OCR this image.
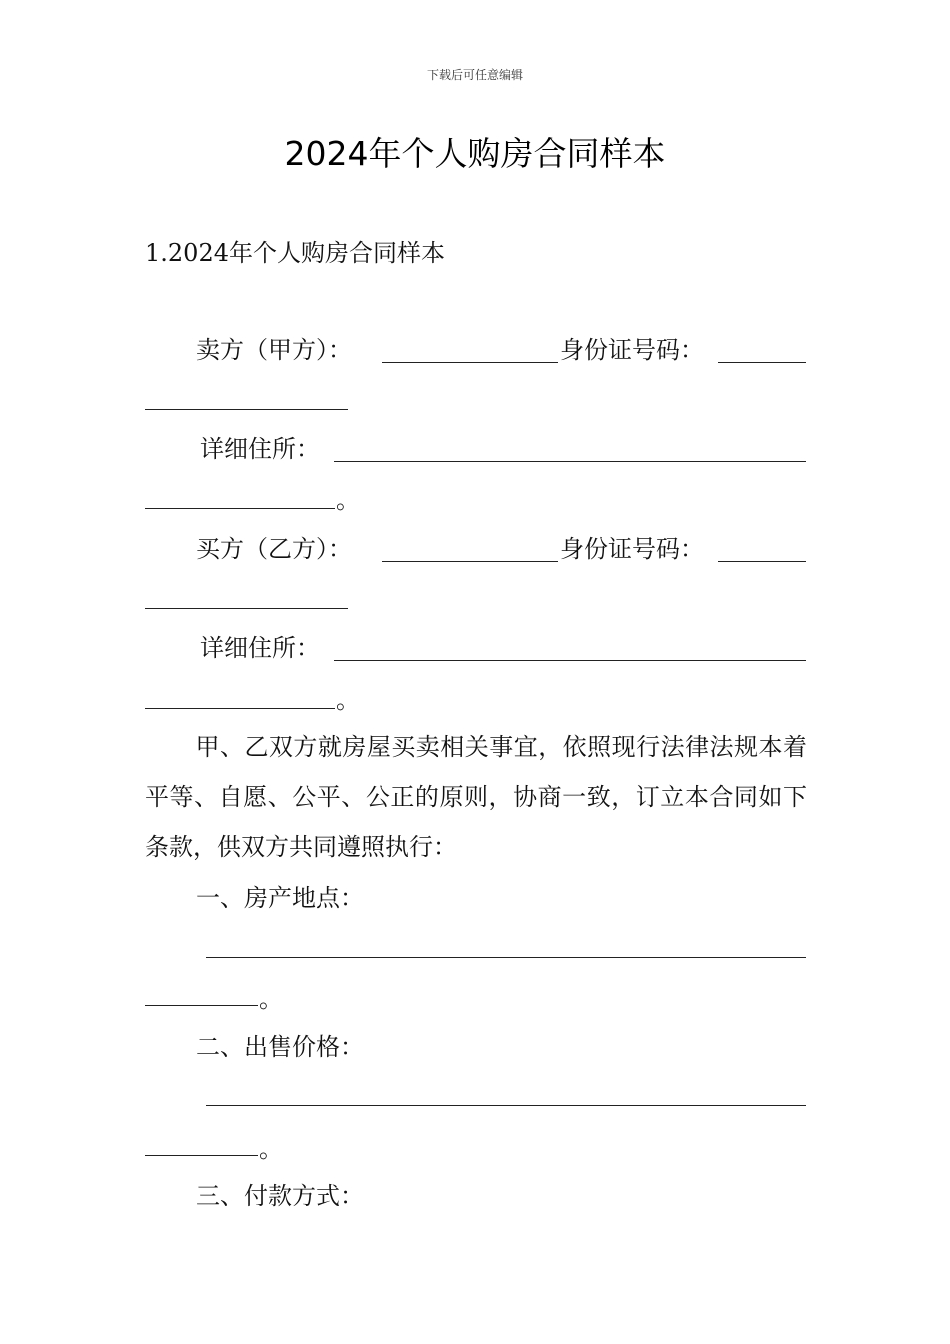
下载后可任意编辑
2024年个人购房合同样本
1.2024年个人购房合同样本
卖方（甲方）：	身份证号码：
详细住所：
。
买方（乙方）：	身份证号码：
详细住所：
。
甲、乙双方就房屋买卖相关事宜，依照现行法律法规本着平等、自愿、公平、公正的原则，协商一致，订立本合同如下条款，供双方共同遵照执行：
一、房产地点：
。
二、出售价格：
。
三、付款方式：
